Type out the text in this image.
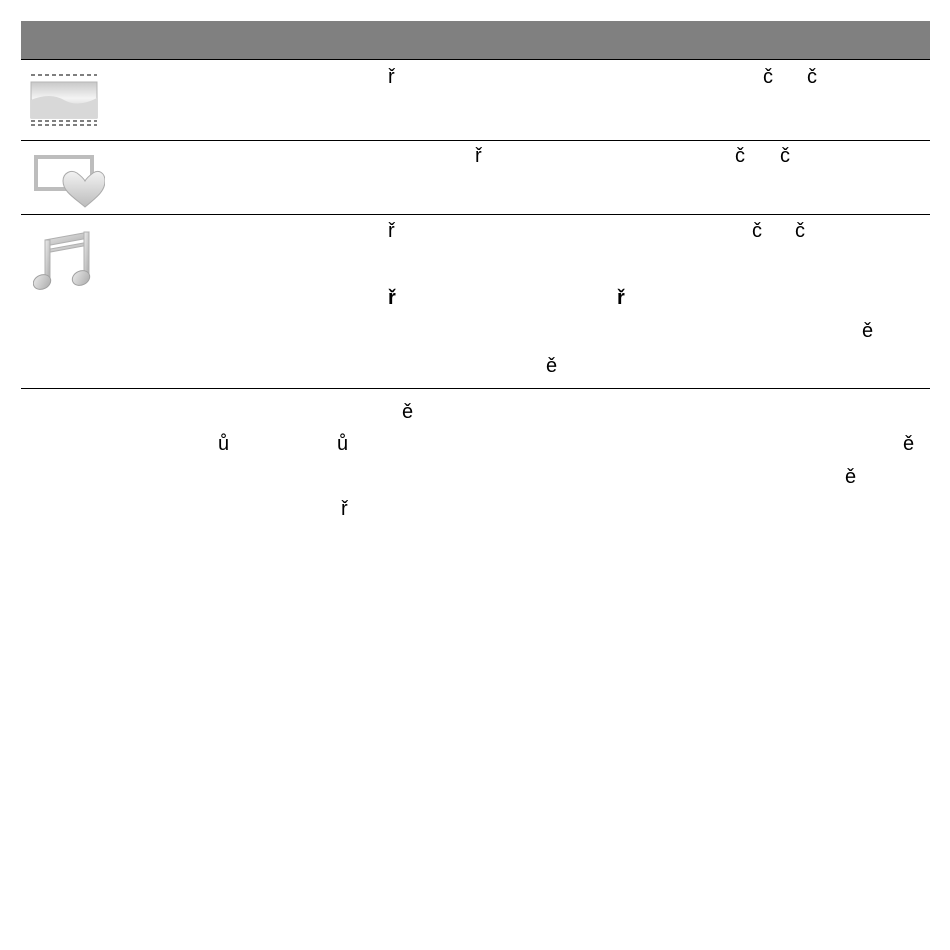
ř	č č
ř	č č
ř	č č
ř	ř
ě
ě
ě
ů	ů	ě
ě
ř
